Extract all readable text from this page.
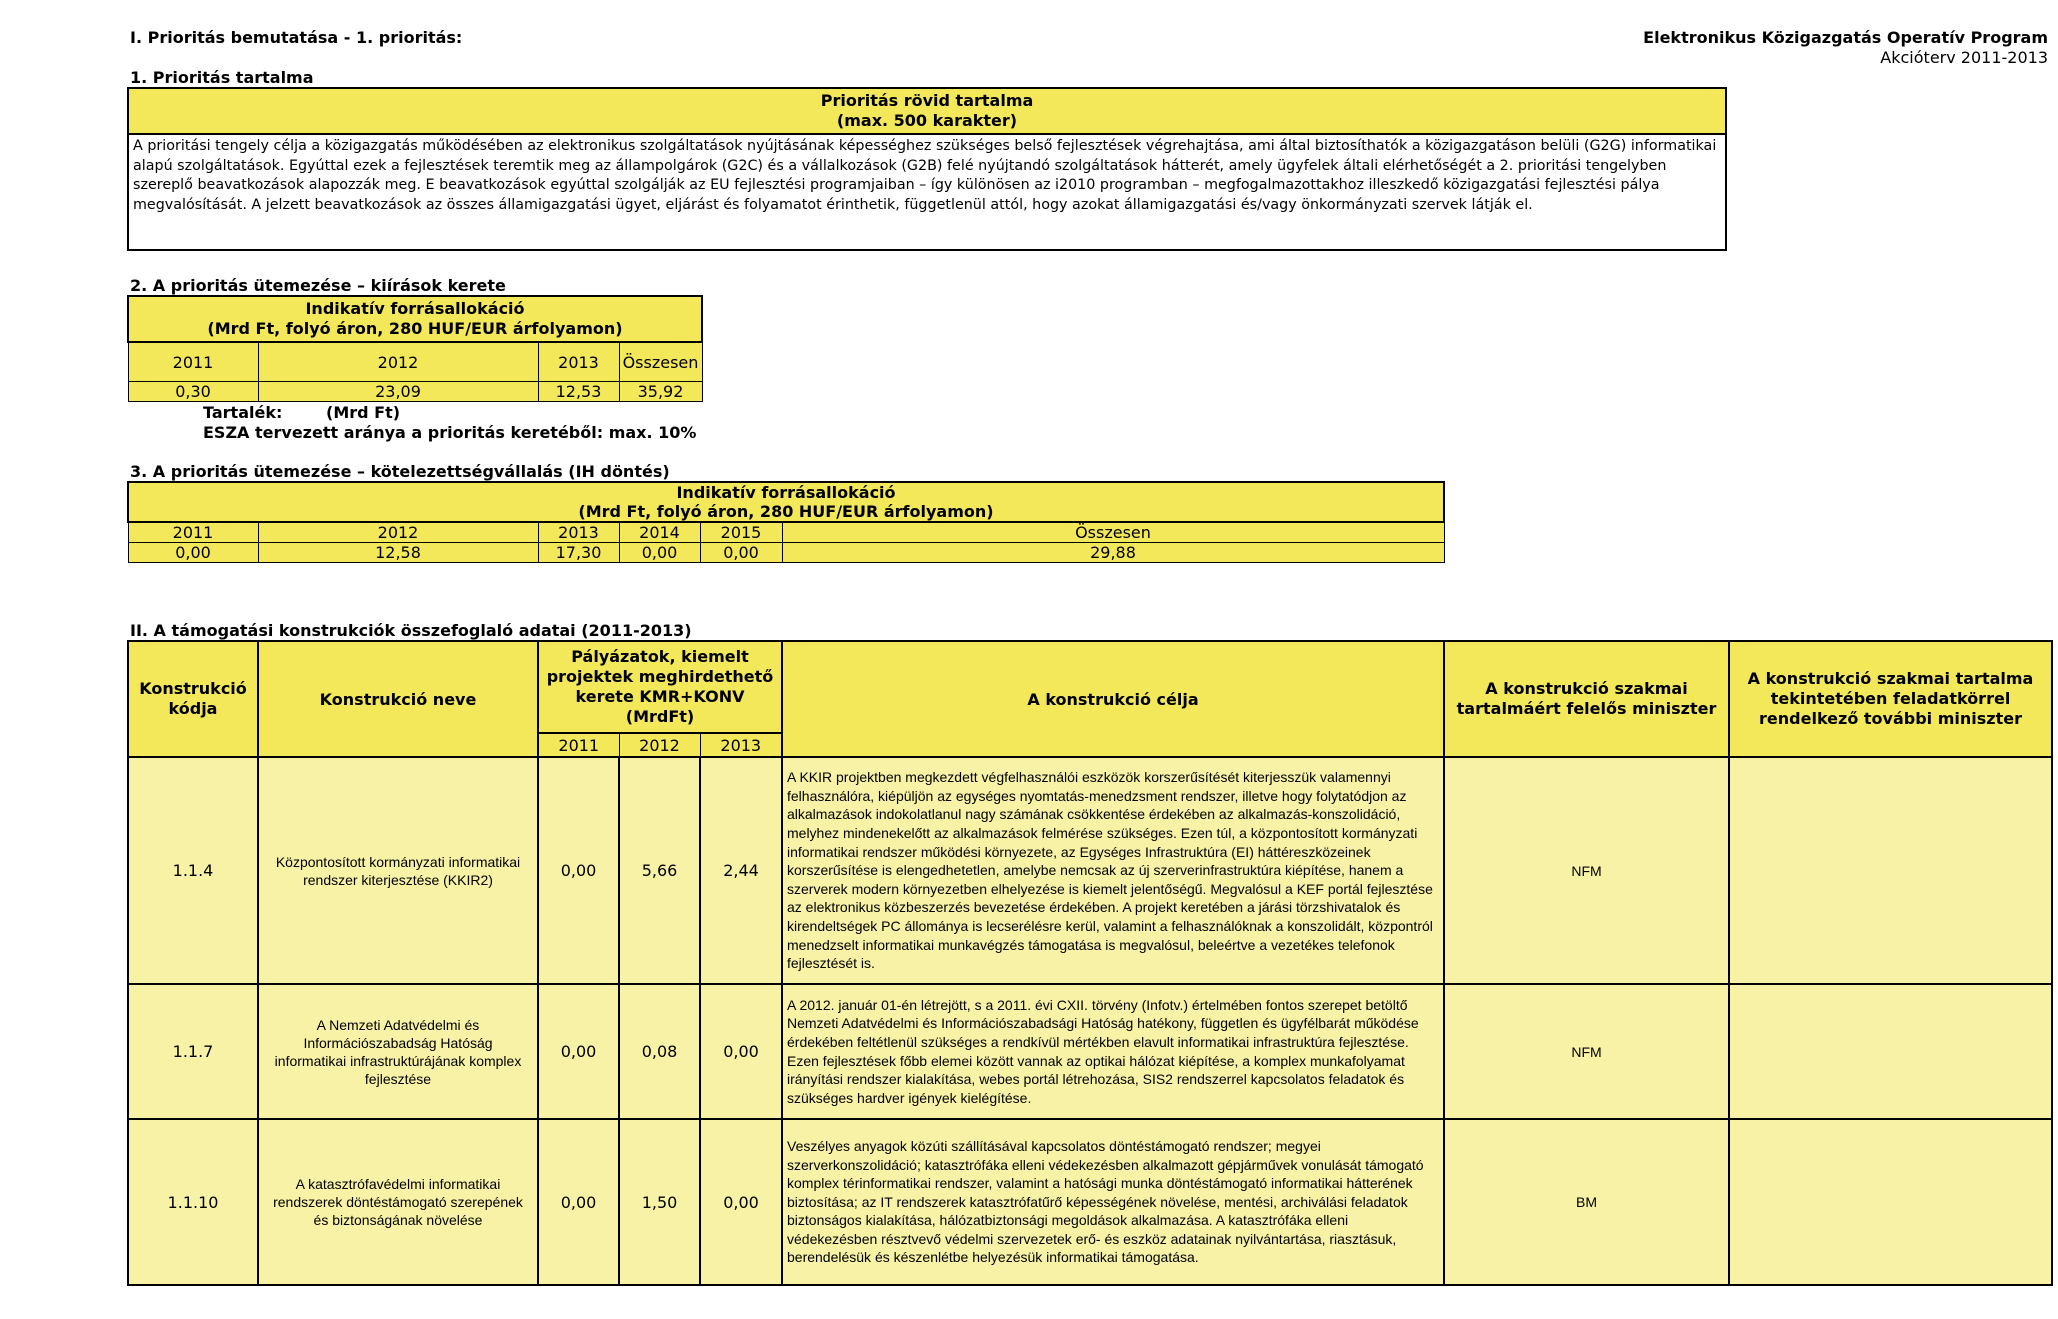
I. Prioritás bemutatása - 1. prioritás:	Elektronikus Közigazgatás Operatív Program
Akcióterv 2011-2013
1. Prioritás tartalma
Prioritás rövid tartalma
(max. 500 karakter)

A prioritási tengely célja a közigazgatás működésében az elektronikus szolgáltatások nyújtásának képességhez szükséges belső fejlesztések végrehajtása, ami által biztosíthatók a közigazgatáson belüli (G2G) informatikai alapú szolgáltatások. Egyúttal ezek a fejlesztések teremtik meg az állampolgárok (G2C) és a vállalkozások (G2B) felé nyújtandó szolgáltatások hátterét, amely ügyfelek általi elérhetőségét a 2. prioritási tengelyben szereplő beavatkozások alapozzák meg. E beavatkozások egyúttal szolgálják az EU fejlesztési programjaiban – így különösen az i2010 programban – megfogalmazottakhoz illeszkedő közigazgatási fejlesztési pálya megvalósítását. A jelzett beavatkozások az összes államigazgatási ügyet, eljárást és folyamatot érinthetik, függetlenül attól, hogy azokat államigazgatási és/vagy önkormányzati szervek látják el.
2. A prioritás ütemezése – kiírások kerete
Indikatív forrásallokáció
(Mrd Ft, folyó áron, 280 HUF/EUR árfolyamon)			

2011	2012	2013	Összesen
0,30	23,09	12,53	35,92
Tartalék:	(Mrd Ft)
ESZA tervezett aránya a prioritás keretéből: max. 10%
3. A prioritás ütemezése – kötelezettségvállalás (IH döntés)
Indikatív forrásallokáció
(Mrd Ft, folyó áron, 280 HUF/EUR árfolyamon)					

2011	2012	2013	2014	2015	Összesen
0,00	12,58	17,30	0,00	0,00	29,88
II. A támogatási konstrukciók összefoglaló adatai (2011-2013)
Konstrukció kódja	Konstrukció neve	Pályázatok, kiemelt projektek meghirdethető kerete KMR+KONV (MrdFt)			A konstrukció célja	A konstrukció szakmai tartalmáért felelős miniszter	A konstrukció szakmai tartalma tekintetében feladatkörrel rendelkező további miniszter
		2011	2012	2013			
1.1.4	Központosított kormányzati informatikai rendszer kiterjesztése (KKIR2)	0,00	5,66	2,44	A KKIR projektben megkezdett végfelhasználói eszközök korszerűsítését kiterjesszük valamennyi felhasználóra, kiépüljön az egységes nyomtatás-menedzsment rendszer, illetve hogy folytatódjon az alkalmazások indokolatlanul nagy számának csökkentése érdekében az alkalmazás-konszolidáció, melyhez mindenekelőtt az alkalmazások felmérése szükséges. Ezen túl, a központosított kormányzati informatikai rendszer működési környezete, az Egységes Infrastruktúra (EI) háttéreszközeinek korszerűsítése is elengedhetetlen, amelybe nemcsak az új szerverinfrastruktúra kiépítése, hanem a szerverek modern környezetben elhelyezése is kiemelt jelentőségű. Megvalósul a KEF portál fejlesztése az elektronikus közbeszerzés bevezetése érdekében. A projekt keretében a járási törzshivatalok és kirendeltségek PC állománya is lecserélésre kerül, valamint a felhasználóknak a konszolidált, központról menedzselt informatikai munkavégzés támogatása is megvalósul, beleértve a vezetékes telefonok fejlesztését is.	NFM	
1.1.7	A Nemzeti Adatvédelmi és Információszabadság Hatóság informatikai infrastruktúrájának komplex fejlesztése	0,00	0,08	0,00	A 2012. január 01-én létrejött, s a 2011. évi CXII. törvény (Infotv.) értelmében fontos szerepet betöltő Nemzeti Adatvédelmi és Információszabadsági Hatóság hatékony, független és ügyfélbarát működése érdekében feltétlenül szükséges a rendkívül mértékben elavult informatikai infrastruktúra fejlesztése. Ezen fejlesztések főbb elemei között vannak az optikai hálózat kiépítése, a komplex munkafolyamat irányítási rendszer kialakítása, webes portál létrehozása, SIS2 rendszerrel kapcsolatos feladatok és szükséges hardver igények kielégítése.	NFM	
1.1.10	A katasztrófavédelmi informatikai rendszerek döntéstámogató szerepének és biztonságának növelése	0,00	1,50	0,00	Veszélyes anyagok közúti szállításával kapcsolatos döntéstámogató rendszer; megyei szerverkonszolidáció; katasztrófáka elleni védekezésben alkalmazott gépjárművek vonulását támogató komplex térinformatikai rendszer, valamint a hatósági munka döntéstámogató informatikai hátterének biztosítása; az IT rendszerek katasztrófatűrő képességének növelése, mentési, archiválási feladatok biztonságos kialakítása, hálózatbiztonsági megoldások alkalmazása. A katasztrófáka elleni védekezésben résztvevő védelmi szervezetek erő- és eszköz adatainak nyilvántartása, riasztásuk, berendelésük és készenlétbe helyezésük informatikai támogatása.	BM	
